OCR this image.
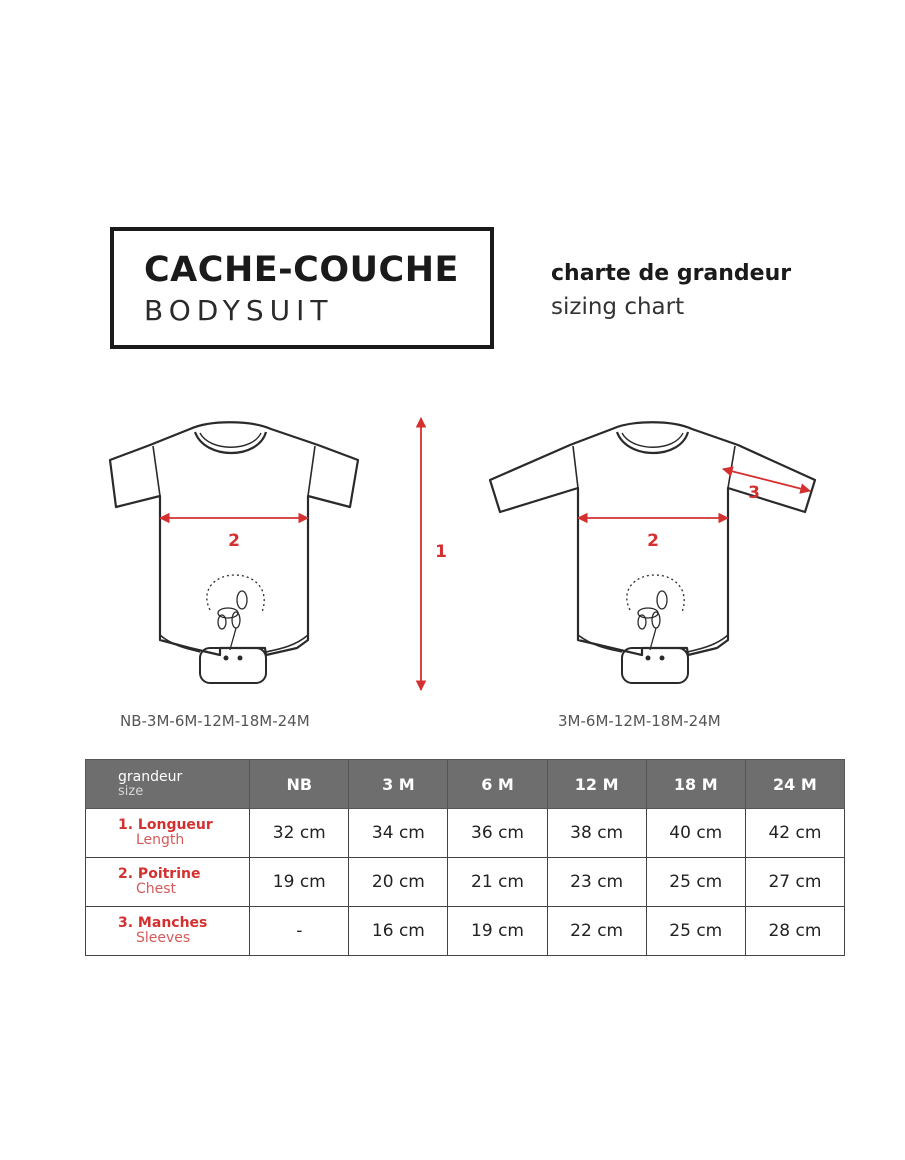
CACHE-COUCHE
BODYSUIT
charte de grandeur
sizing chart
1
2	2
3
NB-3M-6M-12M-18M-24M	3M-6M-12M-18M-24M
grandeur
size	NB	3 M	6 M	12 M	18 M	24 M

1. Longueur
Length	32 cm	34 cm	36 cm	38 cm	40 cm	42 cm

2. Poitrine
Chest	19 cm	20 cm	21 cm	23 cm	25 cm	27 cm

3. Manches
Sleeves	-	16 cm	19 cm	22 cm	25 cm	28 cm
